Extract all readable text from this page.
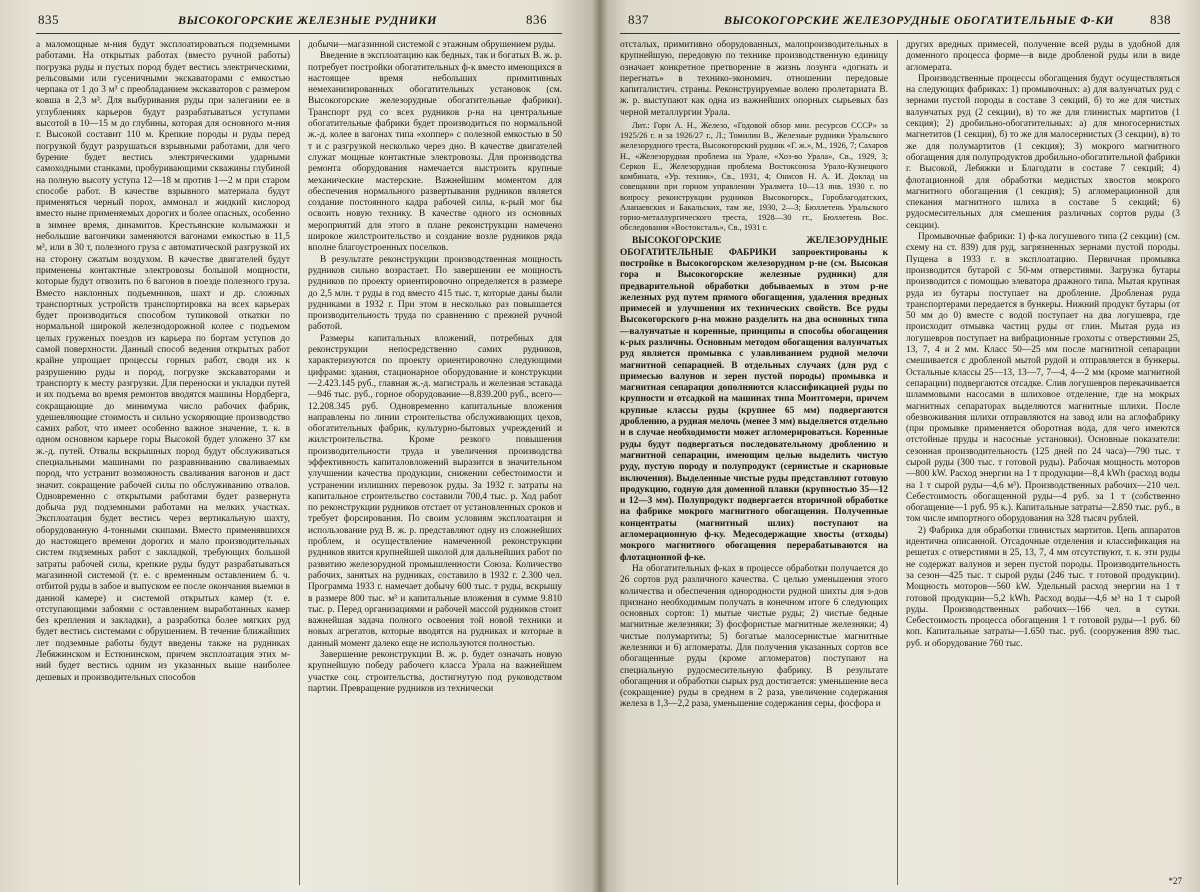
835	ВЫСОКОГОРСКИЕ ЖЕЛЕЗНЫЕ РУДНИКИ	836

а маломощные м-ния будут эксплоатироваться подземными работами. На открытых работах (вместо ручной работы) погрузка руды и пустых пород будет вестись электрическими, рельсовыми или гусеничными экскаваторами с емкостью черпака от 1 до 3 м³ с преобладанием экскаваторов с размером ковша в 2,3 м³. Для выбуривания руды при залегании ее в углублениях карьеров будут разрабатываться уступами высотой в 10—15 м до глубины, которая для основного м-ния г. Высокой составит 110 м. Крепкие породы и руды перед погрузкой будут разрушаться взрывными работами, для чего бурение будет вестись электрическими ударными самоходными станками, пробуривающими скважины глубиной на полную высоту уступа 12—18 м против 1—2 м при старом способе работ. В качестве взрывного материала будут применяться черный порох, аммонал и жидкий кислород вместо ныне применяемых дорогих и более опасных, особенно в зимнее время, динамитов. Крестьянские колымажки и небольшие вагончики заменяются вагонами емкостью в 11,5 м³, или в 30 т, полезного груза с автоматической разгрузкой их на сторону сжатым воздухом. В качестве двигателей будут применены контактные электровозы большой мощности, которые будут отвозить по 6 вагонов в поезде полезного груза. Вместо наклонных подъемников, шахт и др. сложных транспортных устройств транспортировка на всех карьерах будет производиться способом тупиковой откатки по нормальной широкой железнодорожной колее с подъемом целых груженых поездов из карьера по бортам уступов до самой поверхности. Данный способ ведения открытых работ крайне упрощает процессы горных работ, сводя их к разрушению руды и пород, погрузке экскаваторами и транспорту к месту разгрузки. Для переноски и укладки путей и их подъема во время ремонтов вводятся машины Нордберга, сокращающие до минимума число рабочих фабрик, удешевляющие стоимость и сильно ускоряющие производство самих работ, что имеет особенно важное значение, т. к. в одном основном карьере горы Высокой будет уложено 37 км ж.-д. путей. Отвалы вскрышных пород будут обслуживаться специальными машинами по разравниванию сваливаемых пород, что устранит возможность сваливания вагонов и даст значит. сокращение рабочей силы по обслуживанию отвалов. Одновременно с открытыми работами будет развернута добыча руд подземными работами на мелких участках. Эксплоатация будет вестись через вертикальную шахту, оборудованную 4-тонными скипами. Вместо применявшихся до настоящего времени дорогих и мало производительных систем подземных работ с закладкой, требующих большой затраты рабочей силы, крепкие руды будут разрабатываться магазинной системой (т. е. с временным оставлением б. ч. отбитой руды в забое и выпуском ее после окончания выемки в данной камере) и системой открытых камер (т. е. отступающими забоями с оставлением выработанных камер без крепления и закладки), а разработка более мягких руд будет вестись системами с обрушением. В течение ближайших лет подземные работы будут введены также на рудниках Лебяжинском и Естюнинском, причем эксплоатация этих м-ний будет вестись одним из указанных выше наиболее дешевых и производительных способов

добычи—магазинной системой с этажным обрушением руды.

Введение в эксплоатацию как бедных, так и богатых В. ж. р. потребует постройки обогатительных ф-к вместо имеющихся в настоящее время небольших примитивных немеханизированных обогатительных установок (см. Высокогорские железорудные обогатительные фабрики). Транспорт руд со всех рудников р-на на центральные обогатительные фабрики будет производиться по нормальной ж.-д. колее в вагонах типа «хоппер» с полезной емкостью в 50 т и с разгрузкой несколько через дно. В качестве двигателей служат мощные контактные электровозы. Для производства ремонта оборудования намечается выстроить крупные механические мастерские. Важнейшим моментом для обеспечения нормального развертывания рудников является создание постоянного кадра рабочей силы, к-рый мог бы освоить новую технику. В качестве одного из основных мероприятий для этого в плане реконструкции намечено широкое жилстроительство и создание возле рудников ряда вполне благоустроенных поселков.

В результате реконструкции производственная мощность рудников сильно возрастает. По завершении ее мощность рудников по проекту ориентировочно определяется в размере до 2,5 млн. т руды в год вместо 415 тыс. т, которые даны были рудниками в 1932 г. При этом в несколько раз повышается производительность труда по сравнению с прежней ручной работой.

Размеры капитальных вложений, потребных для реконструкции непосредственно самих рудников, характеризуются по проекту ориентировочно следующими цифрами: здания, стационарное оборудование и конструкции—2.423.145 руб., главная ж.-д. магистраль и железная эстакада—946 тыс. руб., горное оборудование—8.839.200 руб., всего—12.208.345 руб. Одновременно капитальные вложения направлены по линии строительства обслуживающих цехов, обогатительных фабрик, культурно-бытовых учреждений и жилстроительства. Кроме резкого повышения производительности труда и увеличения производства эффективность капиталовложений выразится в значительном улучшении качества продукции, снижении себестоимости и устранении излишних перевозок руды. За 1932 г. затраты на капитальное строительство составили 700,4 тыс. р. Ход работ по реконструкции рудников отстает от установленных сроков и требует форсирования. По своим условиям эксплоатация и использование руд В. ж. р. представляют одну из сложнейших проблем, и осуществление намеченной реконструкции рудников явится крупнейшей школой для дальнейших работ по развитию железорудной промышленности Союза. Количество рабочих, занятых на рудниках, составило в 1932 г. 2.300 чел. Программа 1933 г. намечает добычу 600 тыс. т руды, вскрышу в размере 800 тыс. м³ и капитальные вложения в сумме 9.810 тыс. р. Перед организациями и рабочей массой рудников стоит важнейшая задача полного освоения той новой техники и новых агрегатов, которые вводятся на рудниках и которые в данный момент далеко еще не используются полностью.

Завершение реконструкции В. ж. р. будет означать новую крупнейшую победу рабочего класса Урала на важнейшем участке соц. строительства, достигнутую под руководством партии. Превращение рудников из технически

837	ВЫСОКОГОРСКИЕ ЖЕЛЕЗОРУДНЫЕ ОБОГАТИТЕЛЬНЫЕ Ф-КИ	838

отсталых, примитивно оборудованных, малопроизводительных в крупнейшую, передовую по технике производственную единицу означает конкретное претворение в жизнь лозунга «догнать и перегнать» в технико-экономич. отношении передовые капиталистич. страны. Реконструируемые волею пролетариата В. ж. р. выступают как одна из важнейших опорных сырьевых баз черной металлургии Урала.

Лит.: Горн А. Н., Железо, «Годовой обзор мин. ресурсов СССР» за 1925/26 г. и за 1926/27 г., Л.; Томилин В., Железные рудники Уральского железорудного треста, Высокогорский рудник «Г. ж.», М., 1926, 7; Сахаров Н., «Железорудная проблема на Урале, «Хоз-во Урала», Св., 1929, 3; Серков Е., Железорудная проблема Востоксоюза Урало-Кузнецкого комбината, «Ур. техник», Св., 1931, 4; Онисов Н. А. И. Доклад на совещании при горном управлении Уралмета 10—13 янв. 1930 г. по вопросу реконструкции рудников Высокогорск., Гороблагодатских, Алапаевских и Бакальских, там же, 1930, 2—3; Бюллетень Уральского горно-металлургического треста, 1928—30 гг., Бюллетень Вос. обследования «Востоксталь», Св., 1931 г.

ВЫСОКОГОРСКИЕ ЖЕЛЕЗОРУДНЫЕ ОБОГАТИТЕЛЬНЫЕ ФАБРИКИ запроектированы к постройке в Высокогорском железорудном р-не (см. Высокая гора и Высокогорские железные рудники) для предварительной обработки добываемых в этом р-не железных руд путем прямого обогащения, удаления вредных примесей и улучшения их технических свойств. Все руды Высокогорского р-на можно разделить на два основных типа—валунчатые и коренные, принципы и способы обогащения к-рых различны. Основным методом обогащения валунчатых руд является промывка с улавливанием рудной мелочи магнитной сепарацией. В отдельных случаях (для руд с примесью валунов и зерен пустой породы) промывка и магнитная сепарация дополняются классификацией руды по крупности и отсадкой на машинах типа Монтгомери, причем крупные классы руды (крупнее 65 мм) подвергаются дроблению, а рудная мелочь (менее 3 мм) выделяется отдельно и в случае необходимости может агломерироваться. Коренные руды будут подвергаться последовательному дроблению и магнитной сепарации, имеющим целью выделить чистую руду, пустую породу и полупродукт (сернистые и скарновые включения). Выделенные чистые руды представляют готовую продукцию, годную для доменной плавки (крупностью 35—12 и 12—3 мм). Полупродукт подвергается вторичной обработке на фабрике мокрого магнитного обогащения. Полученные концентраты (магнитный шлих) поступают на агломерационную ф-ку. Медесодержащие хвосты (отходы) мокрого магнитного обогащения перерабатываются на флотационной ф-ке.

На обогатительных ф-ках в процессе обработки получается до 26 сортов руд различного качества. С целью уменьшения этого количества и обеспечения однородности рудной шихты для з-дов признано необходимым получать в конечном итоге 6 следующих основных сортов: 1) мытые чистые руды; 2) чистые бедные магнитные железняки; 3) фосфористые магнитные железняки; 4) чистые полумартиты; 5) богатые малосернистые магнитные железняки и 6) агломераты. Для получения указанных сортов все обогащенные руды (кроме агломератов) поступают на специальную рудосмесительную фабрику. В результате обогащения и обработки сырых руд достигается: уменьшение веса (сокращение) руды в среднем в 2 раза, увеличение содержания железа в 1,3—2,2 раза, уменьшение содержания серы, фосфора и

других вредных примесей, получение всей руды в удобной для доменного процесса форме—в виде дробленой руды или в виде агломерата.

Производственные процессы обогащения будут осуществляться на следующих фабриках: 1) промывочных: а) для валунчатых руд с зернами пустой породы в составе 3 секций, б) то же для чистых валунчатых руд (2 секции), в) то же для глинистых мартитов (1 секция); 2) дробильно-обогатительных: а) для многосернистых магнетитов (1 секция), б) то же для малосернистых (3 секции), в) то же для полумартитов (1 секция); 3) мокрого магнитного обогащения для полупродуктов дробильно-обогатительной фабрики г. Высокой, Лебяжки и Благодати в составе 7 секций; 4) флотационной для обработки медистых хвостов мокрого магнитного обогащения (1 секция); 5) агломерационной для спекания магнитного шлиха в составе 5 секций; 6) рудосмесительных для смешения различных сортов руды (3 секции).

Промывочные фабрики: 1) ф-ка логушевого типа (2 секции) (см. схему на ст. 839) для руд, загрязненных зернами пустой породы. Пущена в 1933 г. в эксплоатацию. Первичная промывка производится бутарой с 50-мм отверстиями. Загрузка бутары производится с помощью элеватора дражного типа. Мытая крупная руда из бутары поступает на дробление. Дробленая руда транспортерами передается в бункеры. Нижний продукт бутары (от 50 мм до 0) вместе с водой поступает на два логушевра, где происходит отмывка частиц руды от глин. Мытая руда из логушевров поступает на вибрационные грохоты с отверстиями 25, 13, 7, 4 и 2 мм. Класс 50—25 мм после магнитной сепарации смешивается с дробленой мытой рудой и отправляется в бункеры. Остальные классы 25—13, 13—7, 7—4, 4—2 мм (кроме магнитной сепарации) подвергаются отсадке. Слив логушевров перекачивается шламмовыми насосами в шлиховое отделение, где на мокрых магнитных сепараторах выделяются магнитные шлихи. После обезвоживания шлихи отправляются на завод или на аглофабрику (при промывке применяется оборотная вода, для чего имеются отстойные пруды и насосные установки). Основные показатели: сезонная производительность (125 дней по 24 часа)—790 тыс. т сырой руды (300 тыс. т готовой руды). Рабочая мощность моторов—800 kW. Расход энергии на 1 т продукции—8,4 kWh (расход воды на 1 т сырой руды—4,6 м³). Производственных рабочих—210 чел. Себестоимость обогащенной руды—4 руб. за 1 т (собственно обогащение—1 руб. 95 к.). Капитальные затраты—2.850 тыс. руб., в том числе импортного оборудования на 328 тысяч рублей.

2) Фабрика для обработки глинистых мартитов. Цепь аппаратов идентична описанной. Отсадочные отделения и классификация на решетах с отверстиями в 25, 13, 7, 4 мм отсутствуют, т. к. эти руды не содержат валунов и зерен пустой породы. Производительность за сезон—425 тыс. т сырой руды (246 тыс. т готовой продукции). Мощность моторов—560 kW. Удельный расход энергии на 1 т готовой продукции—5,2 kWh. Расход воды—4,6 м³ на 1 т сырой руды. Производственных рабочих—166 чел. в сутки. Себестоимость процесса обогащения 1 т готовой руды—1 руб. 60 коп. Капитальные затраты—1.650 тыс. руб. (сооружения 890 тыс. руб. и оборудование 760 тыс.

*27
